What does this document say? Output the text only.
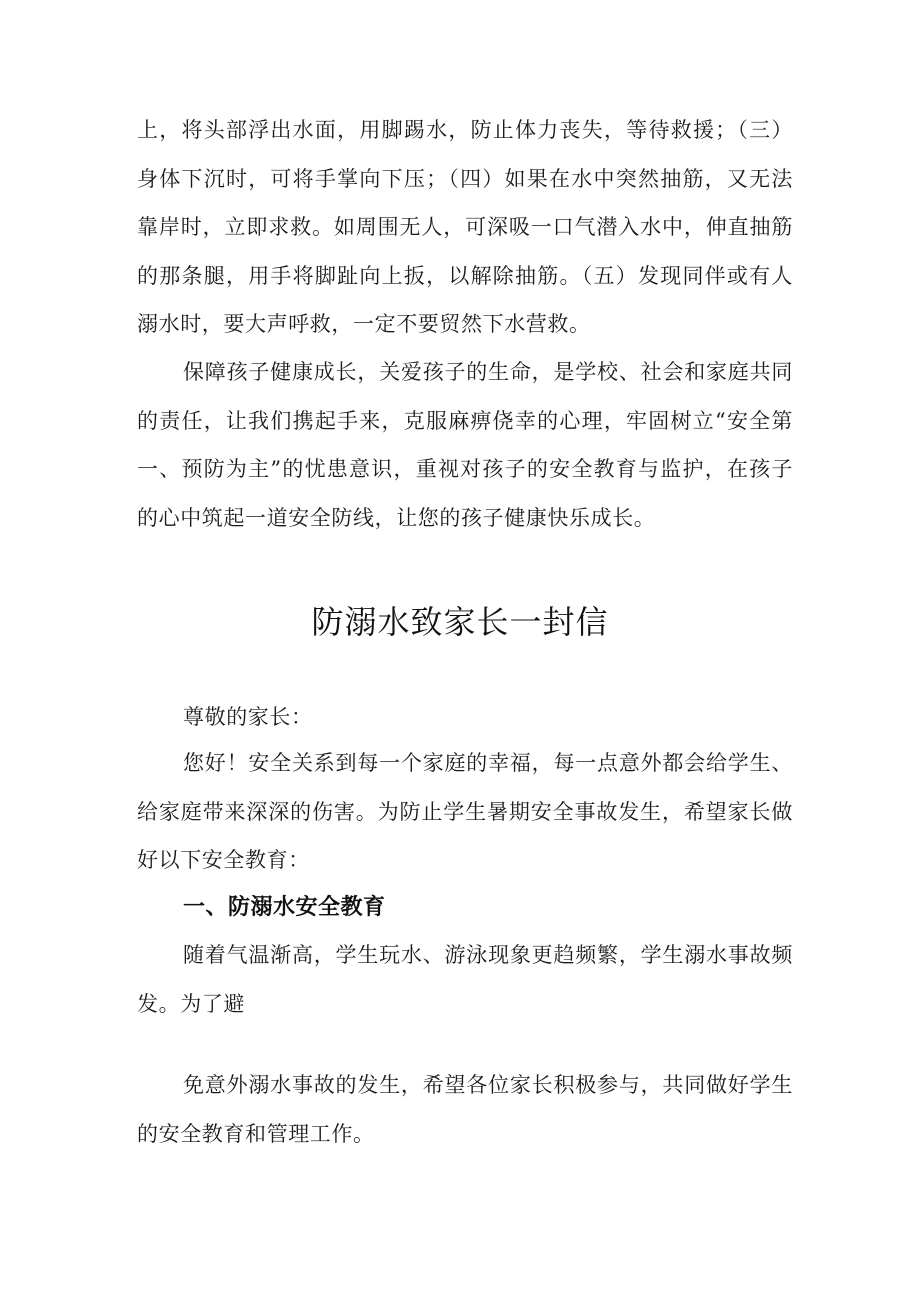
上，将头部浮出水面，用脚踢水，防止体力丧失，等待救援；（三）身体下沉时，可将手掌向下压；（四）如果在水中突然抽筋，又无法靠岸时，立即求救。如周围无人，可深吸一口气潜入水中，伸直抽筋的那条腿，用手将脚趾向上扳，以解除抽筋。（五）发现同伴或有人溺水时，要大声呼救，一定不要贸然下水营救。

保障孩子健康成长，关爱孩子的生命，是学校、社会和家庭共同的责任，让我们携起手来，克服麻痹侥幸的心理，牢固树立“安全第一、预防为主”的忧患意识，重视对孩子的安全教育与监护，在孩子的心中筑起一道安全防线，让您的孩子健康快乐成长。

防溺水致家长一封信

尊敬的家长：

您好！安全关系到每一个家庭的幸福，每一点意外都会给学生、给家庭带来深深的伤害。为防止学生暑期安全事故发生，希望家长做好以下安全教育：

一、防溺水安全教育

随着气温渐高，学生玩水、游泳现象更趋频繁，学生溺水事故频发。为了避

免意外溺水事故的发生，希望各位家长积极参与，共同做好学生的安全教育和管理工作。
